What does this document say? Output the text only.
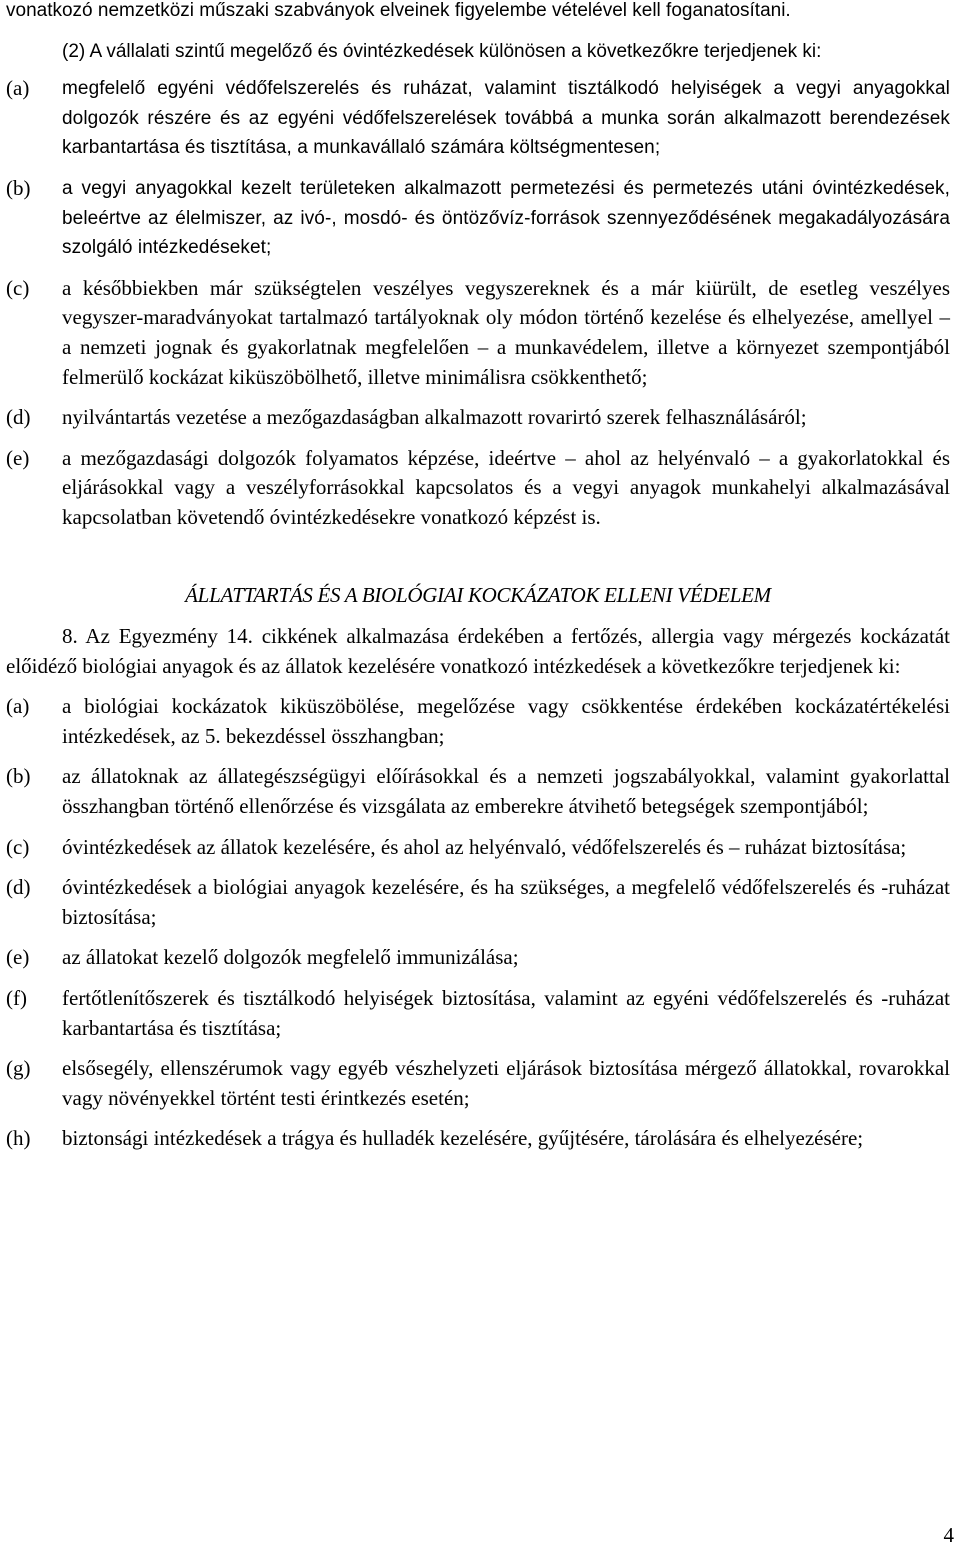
vonatkozó nemzetközi műszaki szabványok elveinek figyelembe vételével kell foganatosítani.

(2) A vállalati szintű megelőző és óvintézkedések különösen a következőkre terjedjenek ki:

(a)	megfelelő egyéni védőfelszerelés és ruházat, valamint tisztálkodó helyiségek a vegyi anyagokkal dolgozók részére és az egyéni védőfelszerelések továbbá a munka során alkalmazott berendezések karbantartása és tisztítása, a munkavállaló számára költségmentesen;
(b)	a vegyi anyagokkal kezelt területeken alkalmazott permetezési és permetezés utáni óvintézkedések, beleértve az élelmiszer, az ivó-, mosdó- és öntözővíz-források szennyeződésének megakadályozására szolgáló intézkedéseket;
(c)	a későbbiekben már szükségtelen veszélyes vegyszereknek és a már kiürült, de esetleg veszélyes vegyszer-maradványokat tartalmazó tartályoknak oly módon történő kezelése és elhelyezése, amellyel – a nemzeti jognak és gyakorlatnak megfelelően – a munkavédelem, illetve a környezet szempontjából felmerülő kockázat kiküszöbölhető, illetve minimálisra csökkenthető;
(d)	nyilvántartás vezetése a mezőgazdaságban alkalmazott rovarirtó szerek felhasználásáról;
(e)	a mezőgazdasági dolgozók folyamatos képzése, ideértve – ahol az helyénvaló – a gyakorlatokkal és eljárásokkal vagy a veszélyforrásokkal kapcsolatos és a vegyi anyagok munkahelyi alkalmazásával kapcsolatban követendő óvintézkedésekre vonatkozó képzést is.

ÁLLATTARTÁS ÉS A BIOLÓGIAI KOCKÁZATOK ELLENI VÉDELEM

8. Az Egyezmény 14. cikkének alkalmazása érdekében a fertőzés, allergia vagy mérgezés kockázatát előidéző biológiai anyagok és az állatok kezelésére vonatkozó intézkedések a következőkre terjedjenek ki:

(a)	a biológiai kockázatok kiküszöbölése, megelőzése vagy csökkentése érdekében kockázatértékelési intézkedések, az 5. bekezdéssel összhangban;
(b)	az állatoknak az állategészségügyi előírásokkal és a nemzeti jogszabályokkal, valamint gyakorlattal összhangban történő ellenőrzése és vizsgálata az emberekre átvihető betegségek szempontjából;
(c)	óvintézkedések az állatok kezelésére, és ahol az helyénvaló, védőfelszerelés és – ruházat biztosítása;
(d)	óvintézkedések a biológiai anyagok kezelésére, és ha szükséges, a megfelelő védőfelszerelés és -ruházat biztosítása;
(e)	az állatokat kezelő dolgozók megfelelő immunizálása;
(f)	fertőtlenítőszerek és tisztálkodó helyiségek biztosítása, valamint az egyéni védőfelszerelés és -ruházat karbantartása és tisztítása;
(g)	elsősegély, ellenszérumok vagy egyéb vészhelyzeti eljárások biztosítása mérgező állatokkal, rovarokkal vagy növényekkel történt testi érintkezés esetén;
(h)	biztonsági intézkedések a trágya és hulladék kezelésére, gyűjtésére, tárolására és elhelyezésére;
4
